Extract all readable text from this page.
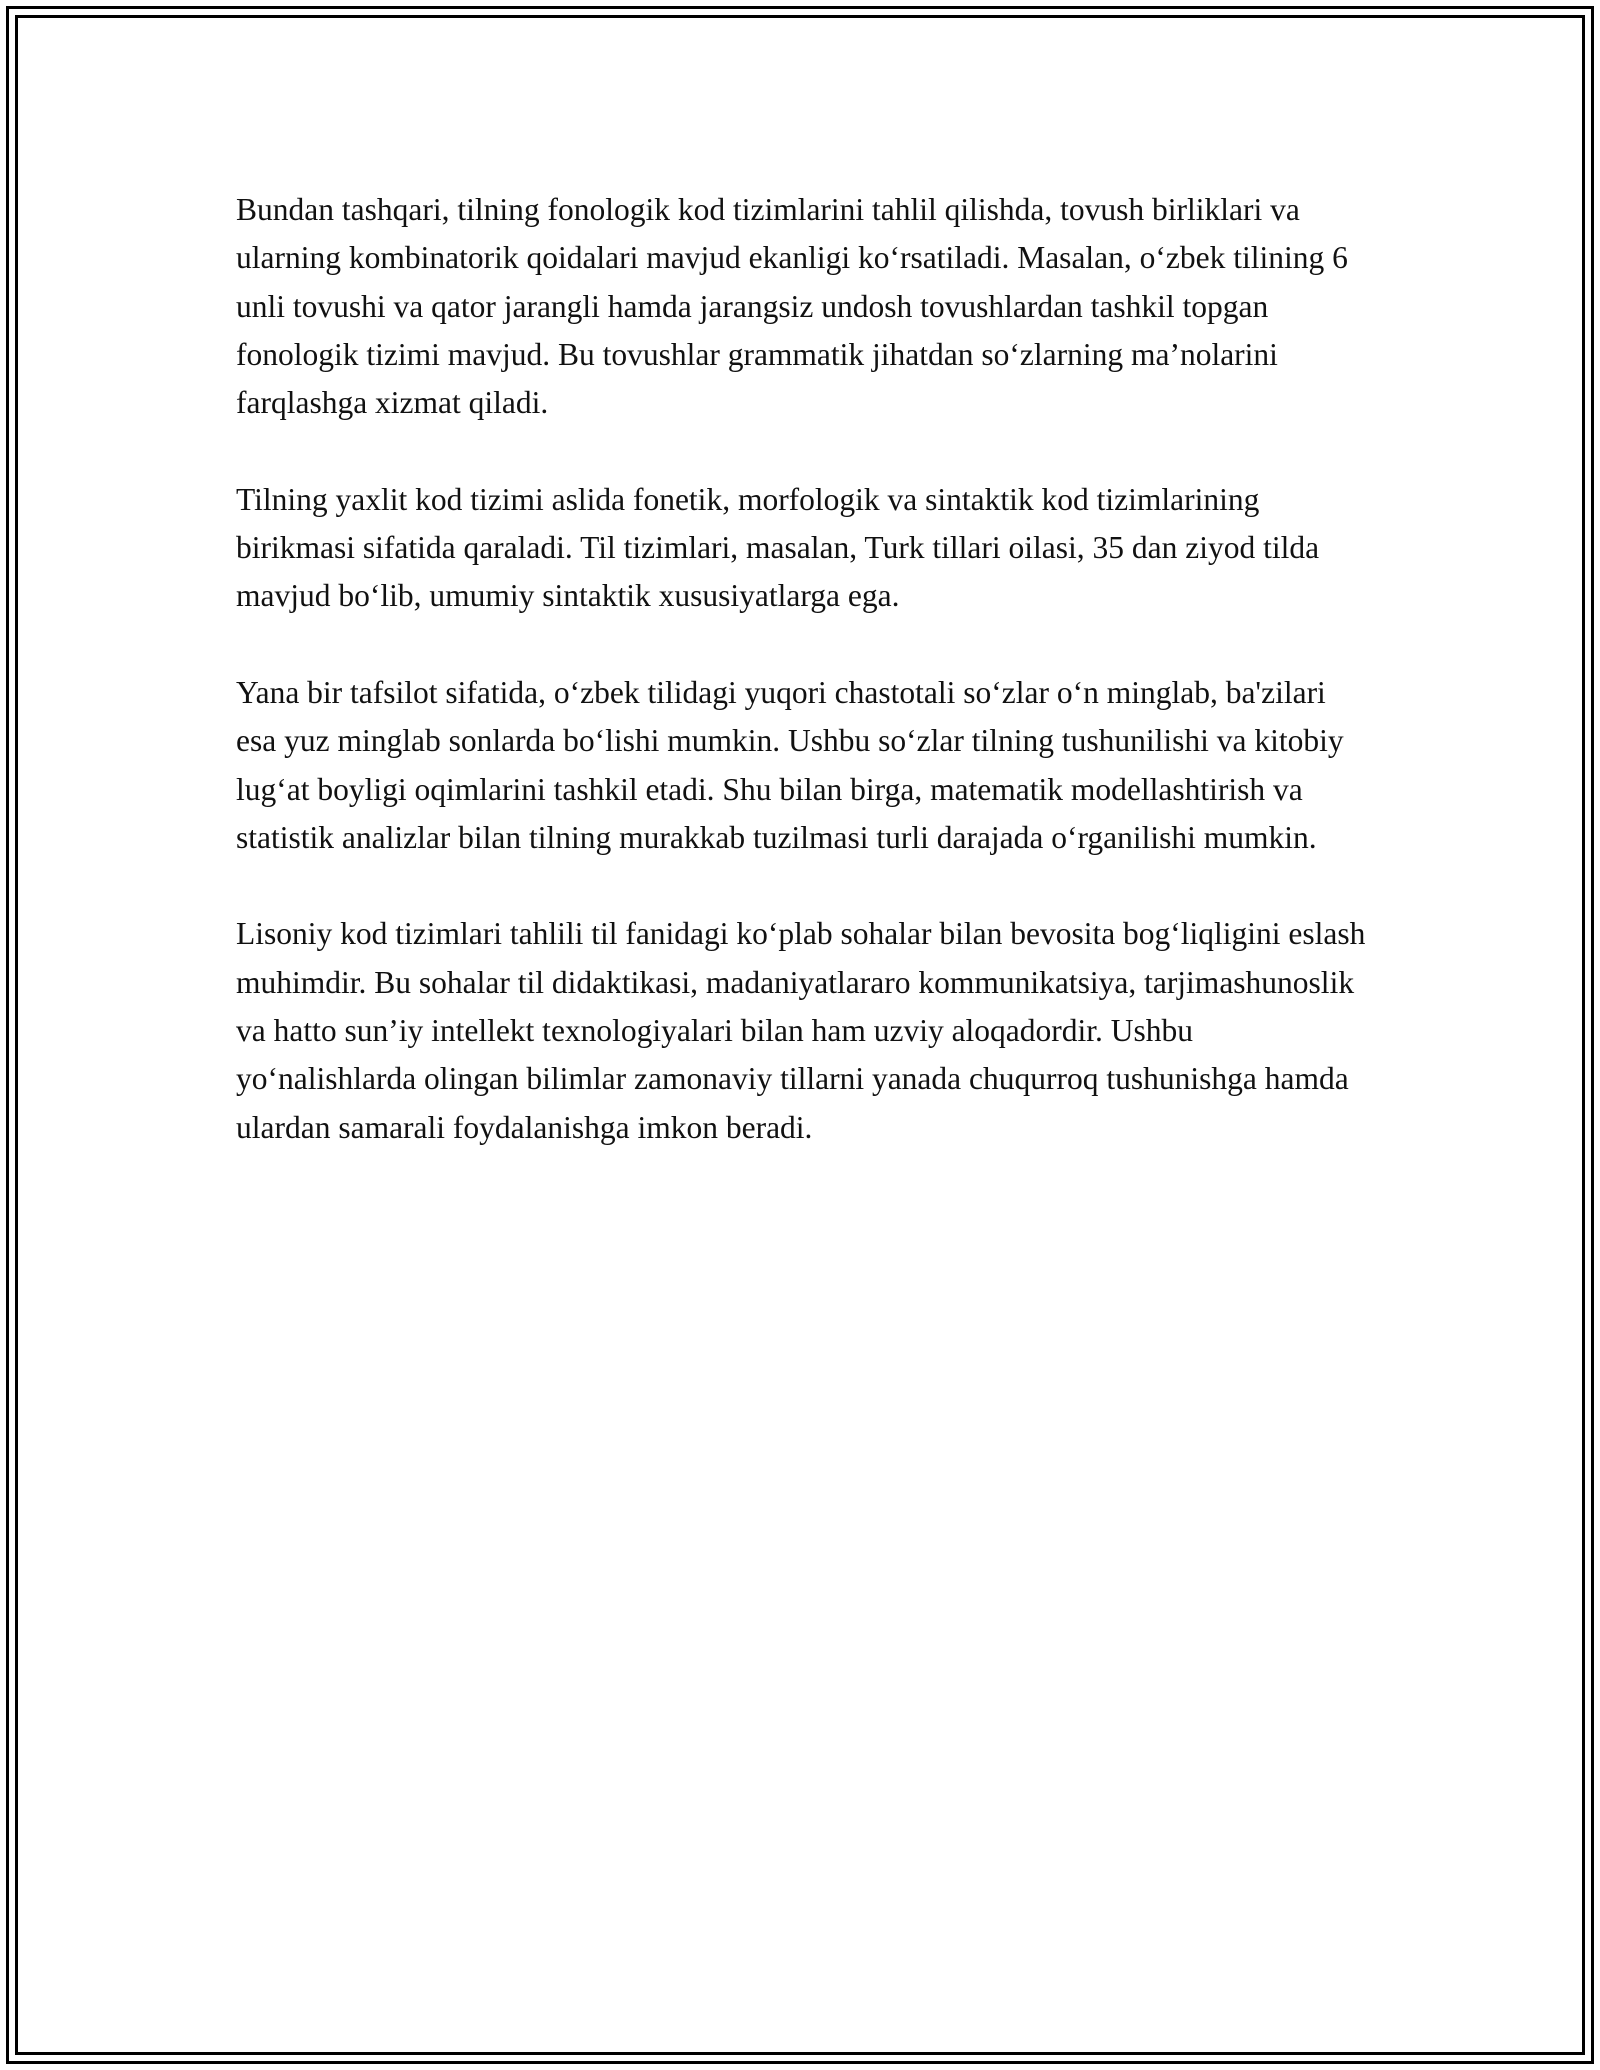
Bundan tashqari, tilning fonologik kod tizimlarini tahlil qilishda, tovush birliklari va ularning kombinatorik qoidalari mavjud ekanligi ko‘rsatiladi. Masalan, o‘zbek tilining 6 unli tovushi va qator jarangli hamda jarangsiz undosh tovushlardan tashkil topgan fonologik tizimi mavjud. Bu tovushlar grammatik jihatdan so‘zlarning ma’nolarini farqlashga xizmat qiladi.

Tilning yaxlit kod tizimi aslida fonetik, morfologik va sintaktik kod tizimlarining birikmasi sifatida qaraladi. Til tizimlari, masalan, Turk tillari oilasi, 35 dan ziyod tilda mavjud bo‘lib, umumiy sintaktik xususiyatlarga ega.

Yana bir tafsilot sifatida, o‘zbek tilidagi yuqori chastotali so‘zlar o‘n minglab, ba'zilari esa yuz minglab sonlarda bo‘lishi mumkin. Ushbu so‘zlar tilning tushunilishi va kitobiy lug‘at boyligi oqimlarini tashkil etadi. Shu bilan birga, matematik modellashtirish va statistik analizlar bilan tilning murakkab tuzilmasi turli darajada o‘rganilishi mumkin.

Lisoniy kod tizimlari tahlili til fanidagi ko‘plab sohalar bilan bevosita bog‘liqligini eslash muhimdir. Bu sohalar til didaktikasi, madaniyatlararo kommunikatsiya, tarjimashunoslik va hatto sun’iy intellekt texnologiyalari bilan ham uzviy aloqadordir. Ushbu yo‘nalishlarda olingan bilimlar zamonaviy tillarni yanada chuqurroq tushunishga hamda ulardan samarali foydalanishga imkon beradi.
